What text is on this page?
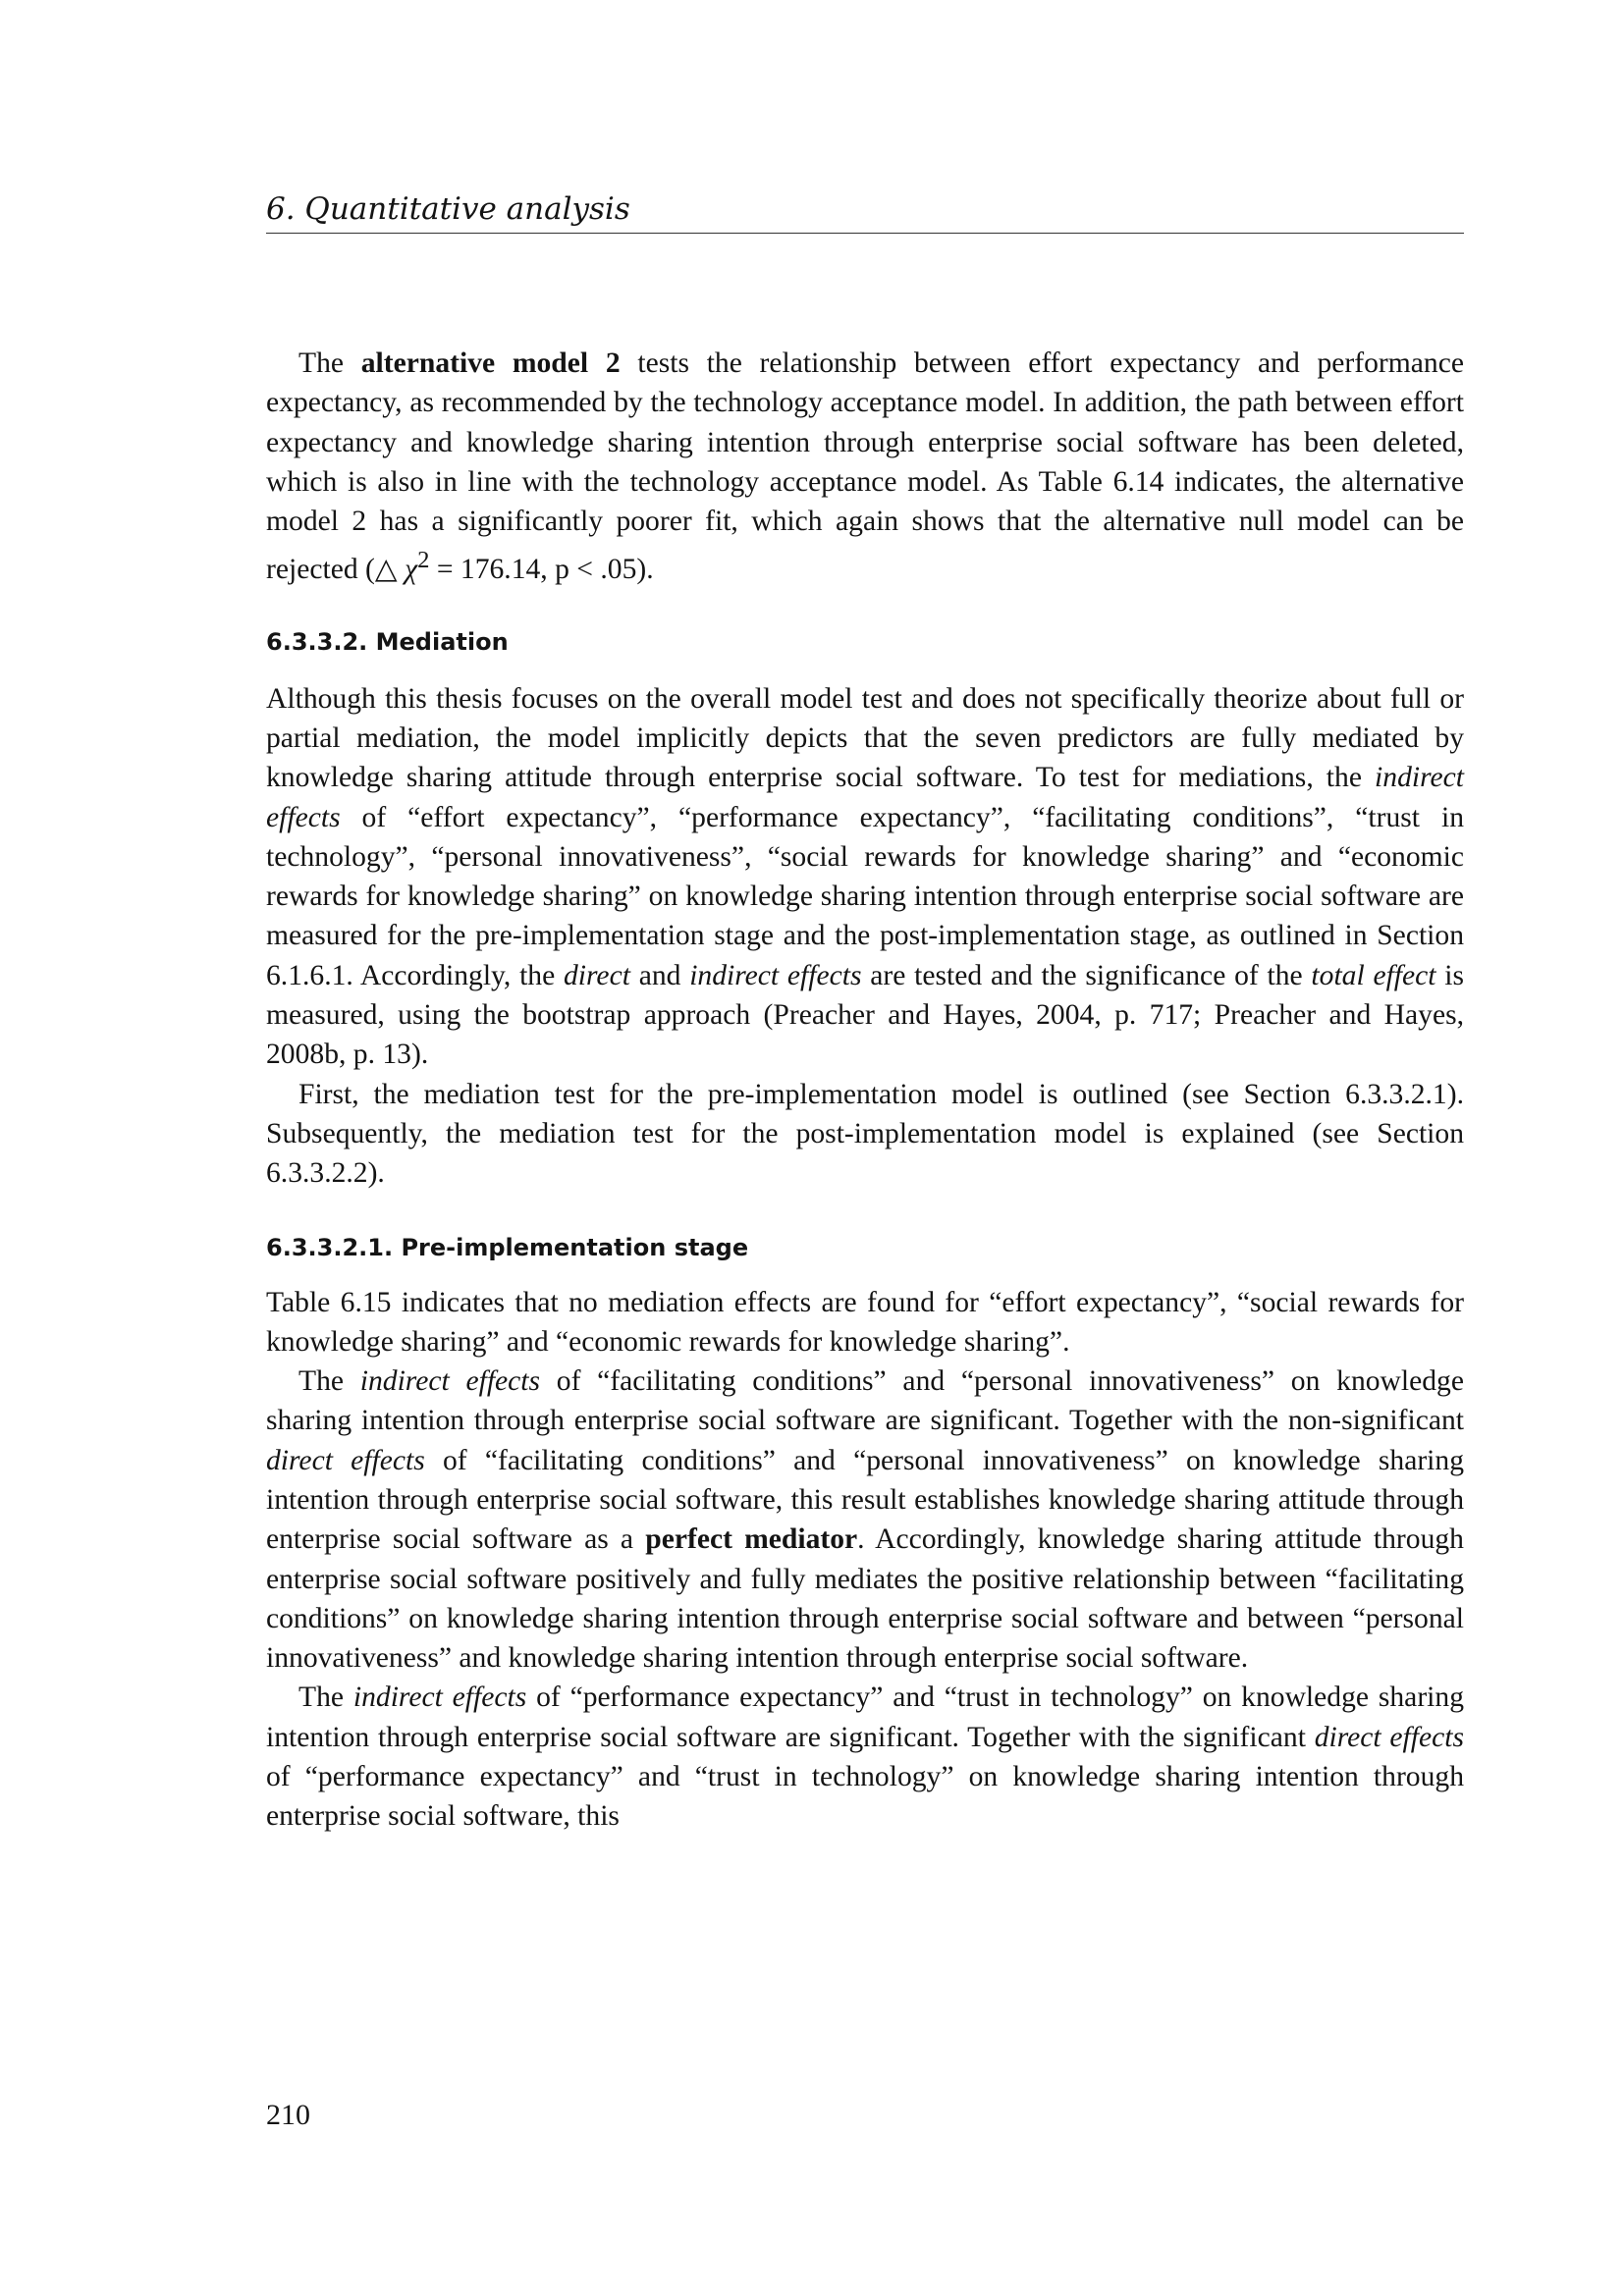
6. Quantitative analysis

The alternative model 2 tests the relationship between effort expectancy and performance expectancy, as recommended by the technology acceptance model. In addition, the path between effort expectancy and knowledge sharing intention through enterprise social software has been deleted, which is also in line with the technology acceptance model. As Table 6.14 indicates, the alternative model 2 has a significantly poorer fit, which again shows that the alternative null model can be rejected (△ $\chi^2 = 176.14$, p < .05).

6.3.3.2. Mediation

Although this thesis focuses on the overall model test and does not specifically theorize about full or partial mediation, the model implicitly depicts that the seven predictors are fully mediated by knowledge sharing attitude through enterprise social software. To test for mediations, the indirect effects of “effort expectancy”, “performance expectancy”, “facilitating conditions”, “trust in technology”, “personal innovativeness”, “social rewards for knowledge sharing” and “economic rewards for knowledge sharing” on knowledge sharing intention through enterprise social software are measured for the pre-implementation stage and the post-implementation stage, as outlined in Section 6.1.6.1. Accordingly, the direct and indirect effects are tested and the significance of the total effect is measured, using the bootstrap approach (Preacher and Hayes, 2004, p. 717; Preacher and Hayes, 2008b, p. 13).

First, the mediation test for the pre-implementation model is outlined (see Section 6.3.3.2.1). Subsequently, the mediation test for the post-implementation model is explained (see Section 6.3.3.2.2).

6.3.3.2.1. Pre-implementation stage

Table 6.15 indicates that no mediation effects are found for “effort expectancy”, “social rewards for knowledge sharing” and “economic rewards for knowledge sharing”.

The indirect effects of “facilitating conditions” and “personal innovativeness” on knowledge sharing intention through enterprise social software are significant. Together with the non-significant direct effects of “facilitating conditions” and “personal innovativeness” on knowledge sharing intention through enterprise social software, this result establishes knowledge sharing attitude through enterprise social software as a perfect mediator. Accordingly, knowledge sharing attitude through enterprise social software positively and fully mediates the positive relationship between “facilitating conditions” on knowledge sharing intention through enterprise social software and between “personal innovativeness” and knowledge sharing intention through enterprise social software.

The indirect effects of “performance expectancy” and “trust in technology” on knowledge sharing intention through enterprise social software are significant. Together with the significant direct effects of “performance expectancy” and “trust in technology” on knowledge sharing intention through enterprise social software, this

210
